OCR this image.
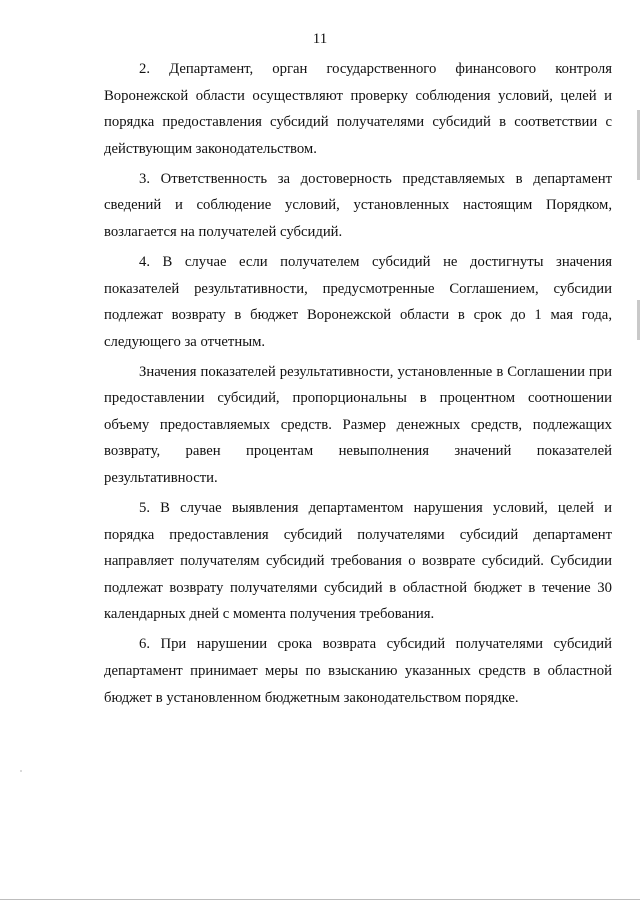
11

2. Департамент, орган государственного финансового контроля Воронежской области осуществляют проверку соблюдения условий, целей и порядка предоставления субсидий получателями субсидий в соответствии с действующим законодательством.

3. Ответственность за достоверность представляемых в департамент сведений и соблюдение условий, установленных настоящим Порядком, возлагается на получателей субсидий.

4. В случае если получателем субсидий не достигнуты значения показателей результативности, предусмотренные Соглашением, субсидии подлежат возврату в бюджет Воронежской области в срок до 1 мая года, следующего за отчетным.

Значения показателей результативности, установленные в Соглашении при предоставлении субсидий, пропорциональны в процентном соотношении объему предоставляемых средств. Размер денежных средств, подлежащих возврату, равен процентам невыполнения значений показателей результативности.

5. В случае выявления департаментом нарушения условий, целей и порядка предоставления субсидий получателями субсидий департамент направляет получателям субсидий требования о возврате субсидий. Субсидии подлежат возврату получателями субсидий в областной бюджет в течение 30 календарных дней с момента получения требования.

6. При нарушении срока возврата субсидий получателями субсидий департамент принимает меры по взысканию указанных средств в областной бюджет в установленном бюджетным законодательством порядке.
